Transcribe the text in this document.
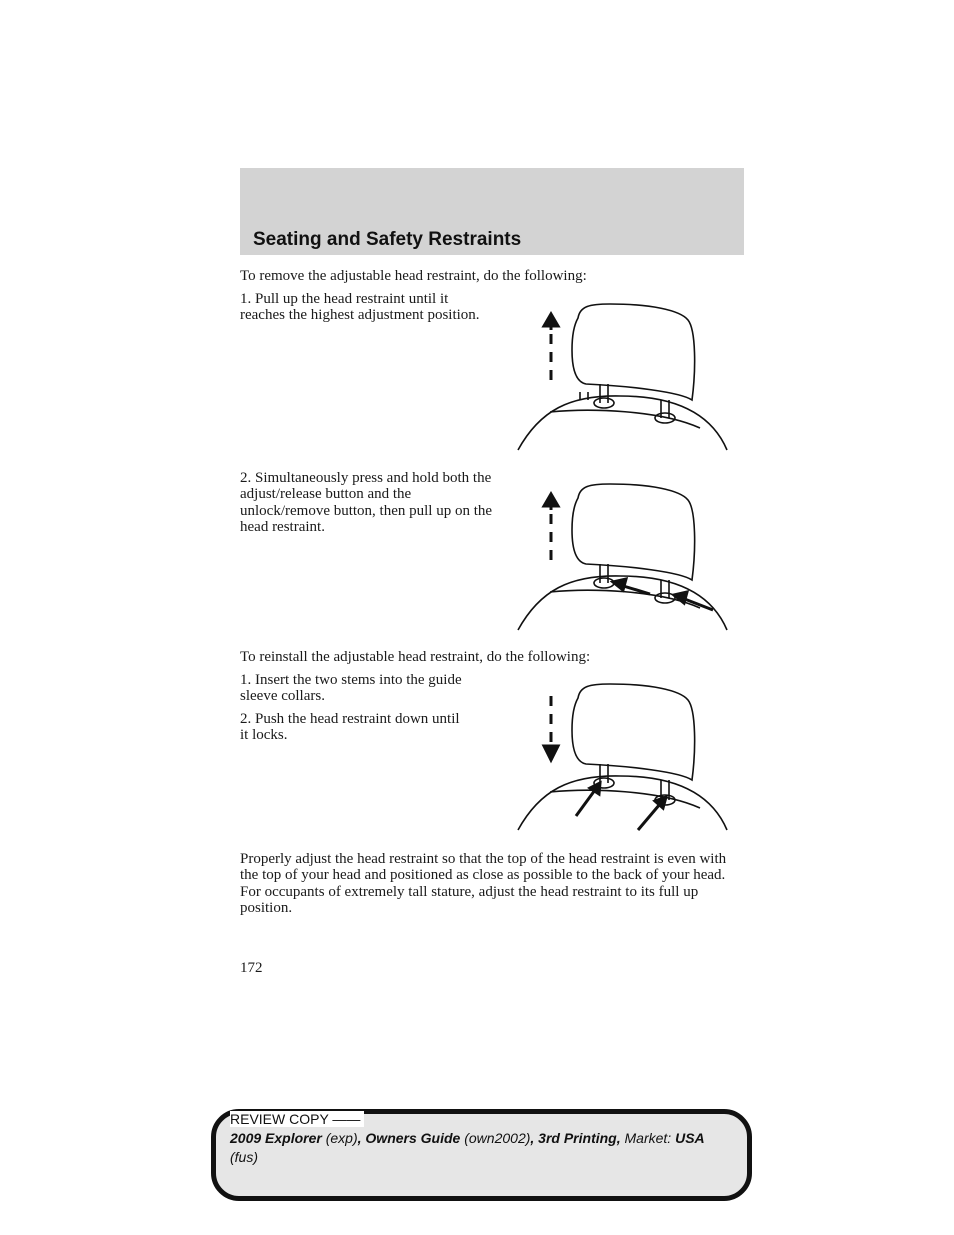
Seating and Safety Restraints
To remove the adjustable head restraint, do the following:
1. Pull up the head restraint until it reaches the highest adjustment position.
2. Simultaneously press and hold both the adjust/release button and the unlock/remove button, then pull up on the head restraint.
To reinstall the adjustable head restraint, do the following:
1. Insert the two stems into the guide sleeve collars.
2. Push the head restraint down until it locks.
Properly adjust the head restraint so that the top of the head restraint is even with the top of your head and positioned as close as possible to the back of your head. For occupants of extremely tall stature, adjust the head restraint to its full up position.
172
REVIEW COPY ——
2009 Explorer (exp), Owners Guide (own2002), 3rd Printing, Market: USA
(fus)
